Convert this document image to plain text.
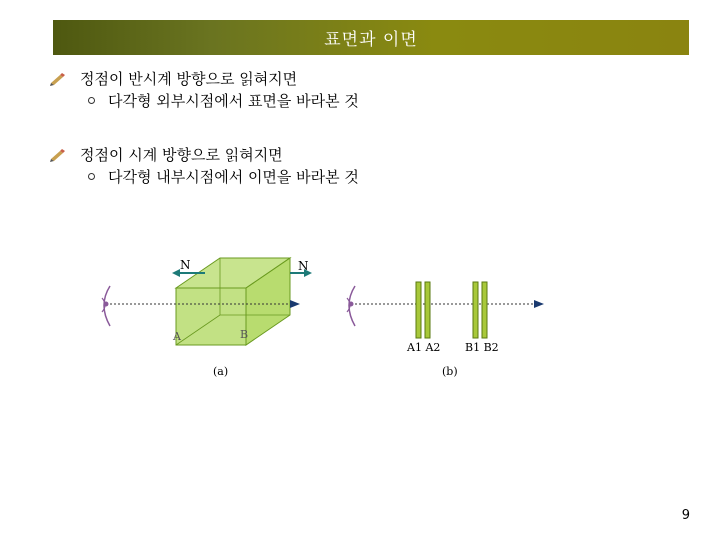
표면과 이면
정점이 반시계 방향으로 읽혀지면
다각형 외부시점에서 표면을 바라본 것
정점이 시계 방향으로 읽혀지면
다각형 내부시점에서 이면을 바라본 것
N	N
A	B
(a)
A1 A2 B1 B2
(b)
9
